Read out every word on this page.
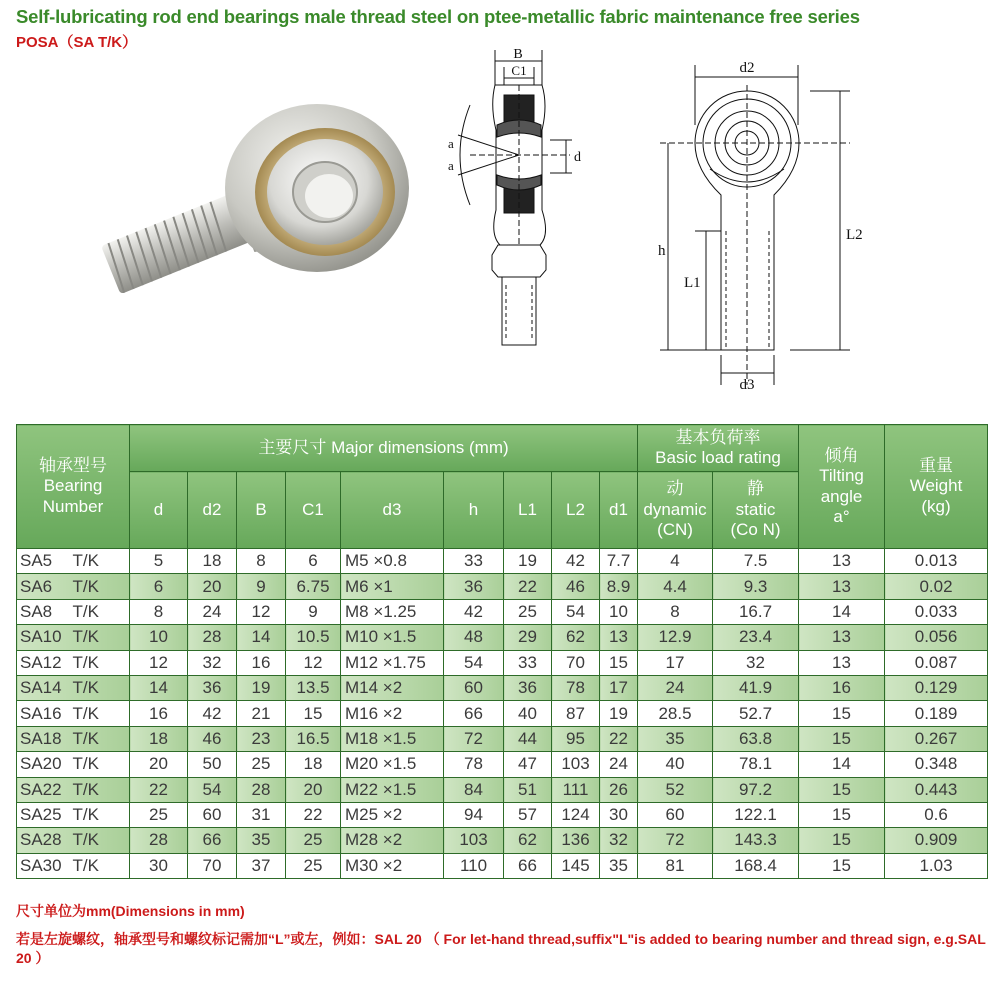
Self-lubricating rod end bearings male thread steel on ptee-metallic fabric maintenance free series
POSA（SA T/K）
B
C1
a
a
d
d2
L2
h
L1
d3
轴承型号
Bearing
Number	主要尺寸 Major dimensions (mm)									基本负荷率
Basic load rating		倾角
Tilting
angle
a°	重量
Weight
(kg)

	d	d2	B	C1	d3	h	L1	L2	d1	动
dynamic
(CN)	静
static
(Co N)		

SA5 T/K	5	18	8	6	M5 ×0.8	33	19	42	7.7	4	7.5	13	0.013

SA6 T/K	6	20	9	6.75	M6 ×1	36	22	46	8.9	4.4	9.3	13	0.02

SA8 T/K	8	24	12	9	M8 ×1.25	42	25	54	10	8	16.7	14	0.033

SA10 T/K	10	28	14	10.5	M10 ×1.5	48	29	62	13	12.9	23.4	13	0.056

SA12 T/K	12	32	16	12	M12 ×1.75	54	33	70	15	17	32	13	0.087

SA14 T/K	14	36	19	13.5	M14 ×2	60	36	78	17	24	41.9	16	0.129

SA16 T/K	16	42	21	15	M16 ×2	66	40	87	19	28.5	52.7	15	0.189

SA18 T/K	18	46	23	16.5	M18 ×1.5	72	44	95	22	35	63.8	15	0.267

SA20 T/K	20	50	25	18	M20 ×1.5	78	47	103	24	40	78.1	14	0.348

SA22 T/K	22	54	28	20	M22 ×1.5	84	51	111	26	52	97.2	15	0.443

SA25 T/K	25	60	31	22	M25 ×2	94	57	124	30	60	122.1	15	0.6

SA28 T/K	28	66	35	25	M28 ×2	103	62	136	32	72	143.3	15	0.909

SA30 T/K	30	70	37	25	M30 ×2	110	66	145	35	81	168.4	15	1.03
尺寸单位为mm(Dimensions in mm)
若是左旋螺纹，轴承型号和螺纹标记需加“L”或左，例如：SAL 20 （ For let-hand thread,suffix"L"is added to bearing number and thread sign, e.g.SAL 20 ）
